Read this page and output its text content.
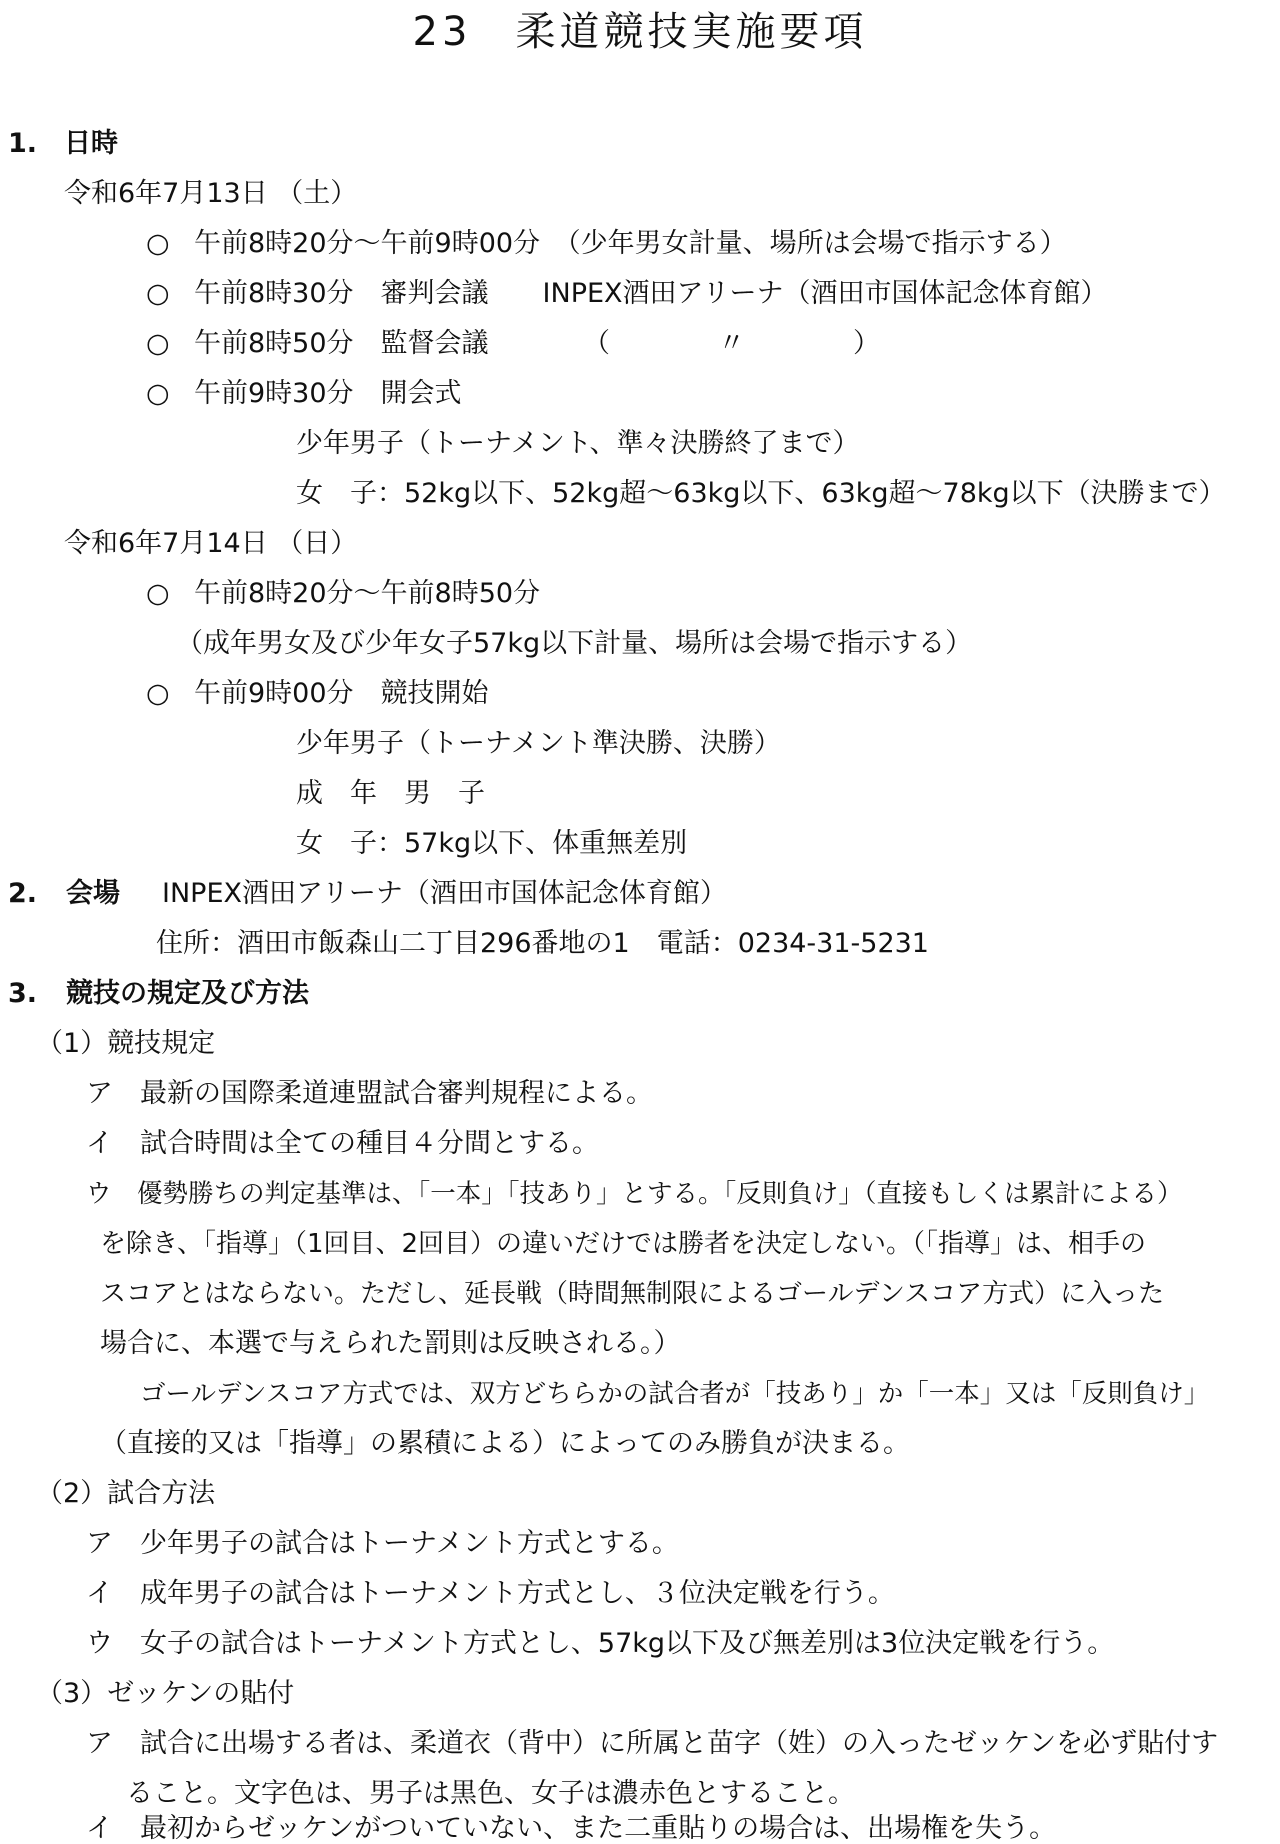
23　柔道競技実施要項
1. 日時
令和6年7月13日 （土）
○ 午前8時20分～午前9時00分　（少年男女計量、場所は会場で指示する）
○ 午前8時30分　審判会議　　INPEX酒田アリーナ（酒田市国体記念体育館）
○ 午前8時50分　監督会議　　　　（　　　　〃　　　　）
○ 午前9時30分　開会式
少年男子（トーナメント、準々決勝終了まで）
女　子：52kg以下、52kg超～63kg以下、63kg超～78kg以下（決勝まで）
令和6年7月14日 （日）
○ 午前8時20分～午前8時50分
（成年男女及び少年女子57kg以下計量、場所は会場で指示する）
○ 午前9時00分　競技開始
少年男子（トーナメント準決勝、決勝）
成　年　男　子
女　子：57kg以下、体重無差別
2. 会場 INPEX酒田アリーナ（酒田市国体記念体育館）
住所：酒田市飯森山二丁目296番地の1　電話：0234-31-5231
3. 競技の規定及び方法
（1）競技規定
ア　最新の国際柔道連盟試合審判規程による。
イ　試合時間は全ての種目４分間とする。
ウ　優勢勝ちの判定基準は、「一本」「技あり」とする。「反則負け」（直接もしくは累計による）
を除き、「指導」（1回目、2回目）の違いだけでは勝者を決定しない。（「指導」は、相手の
スコアとはならない。ただし、延長戦（時間無制限によるゴールデンスコア方式）に入った
場合に、本選で与えられた罰則は反映される。）
ゴールデンスコア方式では、双方どちらかの試合者が「技あり」か「一本」又は「反則負け」
（直接的又は「指導」の累積による）によってのみ勝負が決まる。
（2）試合方法
ア　少年男子の試合はトーナメント方式とする。
イ　成年男子の試合はトーナメント方式とし、３位決定戦を行う。
ウ　女子の試合はトーナメント方式とし、57kg以下及び無差別は3位決定戦を行う。
（3）ゼッケンの貼付
ア　試合に出場する者は、柔道衣（背中）に所属と苗字（姓）の入ったゼッケンを必ず貼付す
ること。文字色は、男子は黒色、女子は濃赤色とすること。
イ　最初からゼッケンがついていない、また二重貼りの場合は、出場権を失う。
